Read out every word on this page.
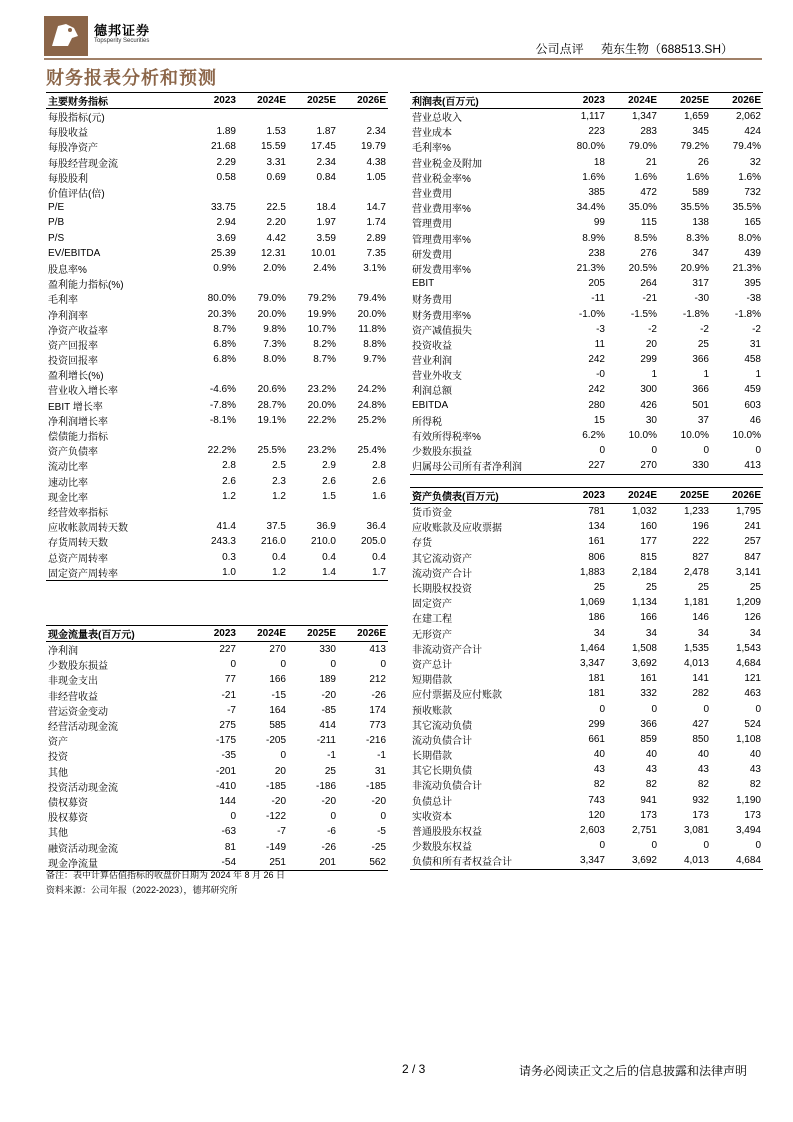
德邦证券
Topsperity Securities
公司点评 苑东生物（688513.SH）
财务报表分析和预测
主要财务指标	2023	2024E	2025E	2026E
每股指标(元)				
每股收益	1.89	1.53	1.87	2.34
每股净资产	21.68	15.59	17.45	19.79
每股经营现金流	2.29	3.31	2.34	4.38
每股股利	0.58	0.69	0.84	1.05
价值评估(倍)				
P/E	33.75	22.5	18.4	14.7
P/B	2.94	2.20	1.97	1.74
P/S	3.69	4.42	3.59	2.89
EV/EBITDA	25.39	12.31	10.01	7.35
股息率%	0.9%	2.0%	2.4%	3.1%
盈利能力指标(%)				
毛利率	80.0%	79.0%	79.2%	79.4%
净利润率	20.3%	20.0%	19.9%	20.0%
净资产收益率	8.7%	9.8%	10.7%	11.8%
资产回报率	6.8%	7.3%	8.2%	8.8%
投资回报率	6.8%	8.0%	8.7%	9.7%
盈利增长(%)				
营业收入增长率	-4.6%	20.6%	23.2%	24.2%
EBIT 增长率	-7.8%	28.7%	20.0%	24.8%
净利润增长率	-8.1%	19.1%	22.2%	25.2%
偿债能力指标				
资产负债率	22.2%	25.5%	23.2%	25.4%
流动比率	2.8	2.5	2.9	2.8
速动比率	2.6	2.3	2.6	2.6
现金比率	1.2	1.2	1.5	1.6
经营效率指标				
应收帐款周转天数	41.4	37.5	36.9	36.4
存货周转天数	243.3	216.0	210.0	205.0
总资产周转率	0.3	0.4	0.4	0.4
固定资产周转率	1.0	1.2	1.4	1.7
利润表(百万元)	2023	2024E	2025E	2026E
营业总收入	1,117	1,347	1,659	2,062
营业成本	223	283	345	424
毛利率%	80.0%	79.0%	79.2%	79.4%
营业税金及附加	18	21	26	32
营业税金率%	1.6%	1.6%	1.6%	1.6%
营业费用	385	472	589	732
营业费用率%	34.4%	35.0%	35.5%	35.5%
管理费用	99	115	138	165
管理费用率%	8.9%	8.5%	8.3%	8.0%
研发费用	238	276	347	439
研发费用率%	21.3%	20.5%	20.9%	21.3%
EBIT	205	264	317	395
财务费用	-11	-21	-30	-38
财务费用率%	-1.0%	-1.5%	-1.8%	-1.8%
资产减值损失	-3	-2	-2	-2
投资收益	11	20	25	31
营业利润	242	299	366	458
营业外收支	-0	1	1	1
利润总额	242	300	366	459
EBITDA	280	426	501	603
所得税	15	30	37	46
有效所得税率%	6.2%	10.0%	10.0%	10.0%
少数股东损益	0	0	0	0
归属母公司所有者净利润	227	270	330	413
现金流量表(百万元)	2023	2024E	2025E	2026E
净利润	227	270	330	413
少数股东损益	0	0	0	0
非现金支出	77	166	189	212
非经营收益	-21	-15	-20	-26
营运资金变动	-7	164	-85	174
经营活动现金流	275	585	414	773
资产	-175	-205	-211	-216
投资	-35	0	-1	-1
其他	-201	20	25	31
投资活动现金流	-410	-185	-186	-185
债权募资	144	-20	-20	-20
股权募资	0	-122	0	0
其他	-63	-7	-6	-5
融资活动现金流	81	-149	-26	-25
现金净流量	-54	251	201	562
资产负债表(百万元)	2023	2024E	2025E	2026E
货币资金	781	1,032	1,233	1,795
应收账款及应收票据	134	160	196	241
存货	161	177	222	257
其它流动资产	806	815	827	847
流动资产合计	1,883	2,184	2,478	3,141
长期股权投资	25	25	25	25
固定资产	1,069	1,134	1,181	1,209
在建工程	186	166	146	126
无形资产	34	34	34	34
非流动资产合计	1,464	1,508	1,535	1,543
资产总计	3,347	3,692	4,013	4,684
短期借款	181	161	141	121
应付票据及应付账款	181	332	282	463
预收账款	0	0	0	0
其它流动负债	299	366	427	524
流动负债合计	661	859	850	1,108
长期借款	40	40	40	40
其它长期负债	43	43	43	43
非流动负债合计	82	82	82	82
负债总计	743	941	932	1,190
实收资本	120	173	173	173
普通股股东权益	2,603	2,751	3,081	3,494
少数股东权益	0	0	0	0
负债和所有者权益合计	3,347	3,692	4,013	4,684
备注：表中计算估值指标的收盘价日期为 2024 年 8 月 26 日
资料来源：公司年报（2022-2023），德邦研究所
2 / 3	请务必阅读正文之后的信息披露和法律声明
